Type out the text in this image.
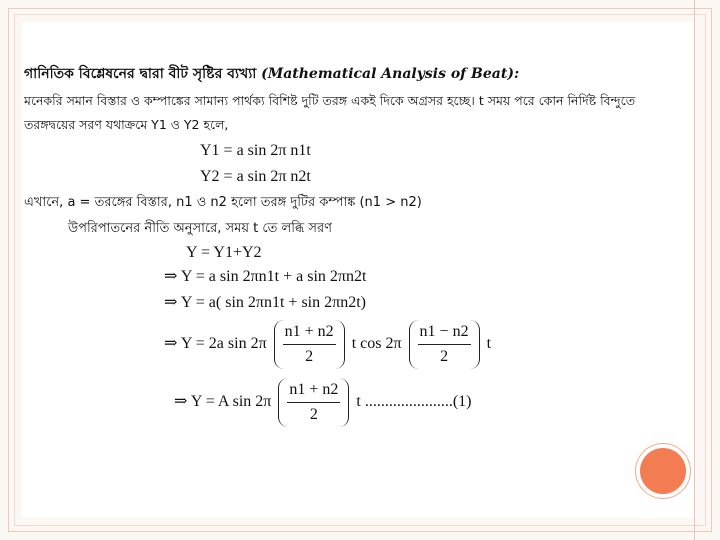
গানিতিক বিশ্লেষনের দ্বারা বীট সৃষ্টির ব্যখ্যা (Mathematical Analysis of Beat):
মনেকরি সমান বিস্তার ও কম্পাঙ্কের সামান্য পার্থক্য বিশিষ্ট দুটি তরঙ্গ একই দিকে অগ্রসর হচ্ছে। t সময় পরে কোন নির্দিষ্ট বিন্দুতে
তরঙ্গদ্বয়ের সরণ যথাক্রমে Y1 ও Y2 হলে,
Y1 = a sin 2π n1t
Y2 = a sin 2π n2t
এখানে, a = তরঙ্গের বিস্তার, n1 ও n2 হলো তরঙ্গ দুটির কম্পাঙ্ক (n1 > n2)
উপরিপাতনের নীতি অনুসারে, সময় t তে লব্ধি সরণ
Y = Y1+Y2
⇒ Y = a sin 2πn1t + a sin 2πn2t
⇒ Y = a( sin 2πn1t + sin 2πn2t)
⇒ Y = 2a $\sin 2\pi \frac{n1 + n2}{2}$ t $\cos 2\pi \frac{n1 - n2}{2}$ t
⇒ Y = A $\sin 2\pi \frac{n1 + n2}{2}$ t ......................(1)
